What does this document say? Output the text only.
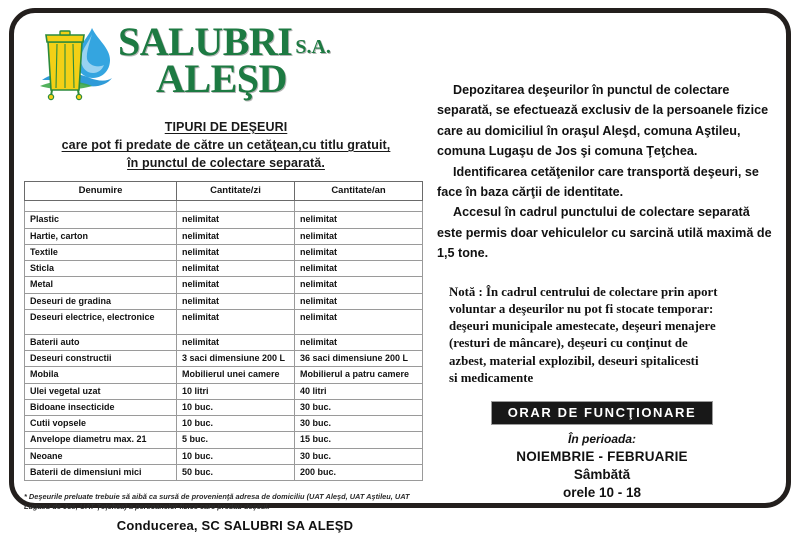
SALUBRI S.A.
ALEŞD
TIPURI DE DEŞEURI
care pot fi predate de către un cetăţean,cu titlu gratuit,
în punctul de colectare separată.
Denumire	Cantitate/zi	Cantitate/an

Plastic	nelimitat	nelimitat
Hartie, carton	nelimitat	nelimitat
Textile	nelimitat	nelimitat
Sticla	nelimitat	nelimitat
Metal	nelimitat	nelimitat
Deseuri de gradina	nelimitat	nelimitat
Deseuri electrice, electronice	nelimitat	nelimitat
Baterii auto	nelimitat	nelimitat
Deseuri constructii	3 saci dimensiune 200 L	36 saci dimensiune 200 L
Mobila	Mobilierul unei camere	Mobilierul a patru camere
Ulei vegetal uzat	10 litri	40 litri
Bidoane insecticide	10 buc.	30 buc.
Cutii vopsele	10 buc.	30 buc.
Anvelope diametru max. 21	5 buc.	15 buc.
Neoane	10 buc.	30 buc.
Baterii de dimensiuni mici	50 buc.	200 buc.
* Deşeurile preluate trebuie să aibă ca sursă de provenienţă adresa de domiciliu (UAT Aleşd, UAT Aştileu, UAT Lugasu de Jos, UAT Ţeţchea) a persoanelor fizice care predau deşeul.
Conducerea, SC SALUBRI SA ALEŞD

Depozitarea deşeurilor în punctul de colectare separată, se efectuează exclusiv de la persoanele fizice care au domiciliul în oraşul Aleşd, comuna Aştileu, comuna Lugaşu de Jos şi comuna Ţeţchea.

Identificarea cetăţenilor care transportă deşeuri, se face în baza cărţii de identitate.

Accesul în cadrul punctului de colectare separată este permis doar vehiculelor cu sarcină utilă maximă de 1,5 tone.

Notă : În cadrul centrului de colectare prin aport
voluntar a deşeurilor nu pot fi stocate temporar:
deşeuri municipale amestecate, deşeuri menajere
(resturi de mâncare), deşeuri cu conţinut de
azbest, material explozibil, deseuri spitalicesti
si medicamente
ORAR DE FUNCŢIONARE
În perioada:
NOIEMBRIE - FEBRUARIE
Sâmbătă
orele 10 - 18
